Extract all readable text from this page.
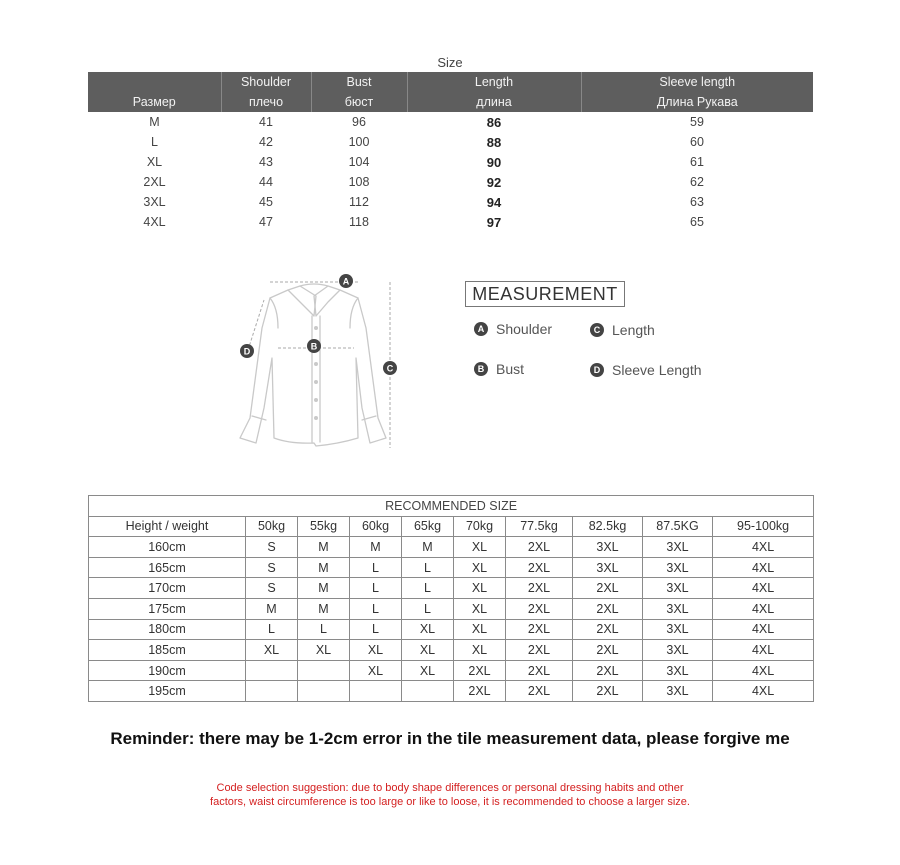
Size
	Shoulder	Bust	Length	Sleeve length
Размер	плечо	бюст	длина	Длина Рукава
M	41	96	86	59
L	42	100	88	60
XL	43	104	90	61
2XL	44	108	92	62
3XL	45	112	94	63
4XL	47	118	97	65
A
B
C
D
MEASUREMENT
A Shoulder	C Length
B Bust	D Sleeve Length
RECOMMENDED SIZE									
Height / weight	50kg	55kg	60kg	65kg	70kg	77.5kg	82.5kg	87.5KG	95-100kg
160cm	S	M	M	M	XL	2XL	3XL	3XL	4XL
165cm	S	M	L	L	XL	2XL	3XL	3XL	4XL
170cm	S	M	L	L	XL	2XL	2XL	3XL	4XL
175cm	M	M	L	L	XL	2XL	2XL	3XL	4XL
180cm	L	L	L	XL	XL	2XL	2XL	3XL	4XL
185cm	XL	XL	XL	XL	XL	2XL	2XL	3XL	4XL
190cm			XL	XL	2XL	2XL	2XL	3XL	4XL
195cm					2XL	2XL	2XL	3XL	4XL
Reminder: there may be 1-2cm error in the tile measurement data, please forgive me
Code selection suggestion: due to body shape differences or personal dressing habits and other
factors, waist circumference is too large or like to loose, it is recommended to choose a larger size.
